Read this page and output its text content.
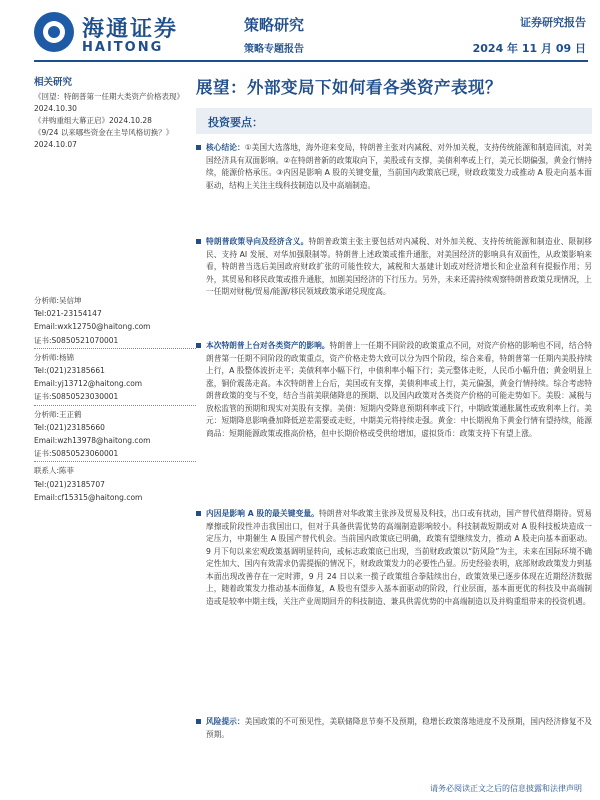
海通证券
HAITONG
策略研究
策略专题报告
证券研究报告
2024 年 11 月 09 日
相关研究

《回望：特朗普第一任期大类资产价格表现》2024.10.30

《并购重组大幕正启》2024.10.28

《9/24 以来哪些资金在主导风格切换？》2024.10.07

分析师:吴信坤
Tel:021-23154147
Email:wxk12750@haitong.com
证书:S0850521070001
分析师:杨锦
Tel:(021)23185661
Email:yj13712@haitong.com
证书:S0850523030001
分析师:王正鹤
Tel:(021)23185660
Email:wzh13978@haitong.com
证书:S0850523060001
联系人:陈菲
Tel:(021)23185707
Email:cf15315@haitong.com
展望：外部变局下如何看各类资产表现？
投资要点：
核心结论：①美国大选落地，海外迎来变局，特朗普主张对内减税、对外加关税，支持传统能源和制造回流，对美国经济具有双面影响。②在特朗普新的政策取向下，美股或有支撑，美债利率或上行，美元长期偏强，黄金行情持续，能源价格承压。③内因是影响 A 股的关键变量，当前国内政策底已现，财政政策发力或推动 A 股走向基本面驱动，结构上关注主线科技制造以及中高端制造。
特朗普政策导向及经济含义。特朗普政策主张主要包括对内减税、对外加关税、支持传统能源和制造业、限制移民、支持 AI 发展、对华加强限制等。特朗普上述政策或推升通胀，对美国经济的影响具有双面性，从政策影响来看，特朗普当选后美国政府财政扩张的可能性较大，减税和大基建计划或对经济增长和企业盈利有提振作用；另外，其贸易和移民政策或推升通胀，加剧美国经济的下行压力。另外，未来还需持续观察特朗普政策兑现情况，上一任期对财税/贸易/能源/移民领域政策承诺兑现度高。
本次特朗普上台对各类资产的影响。特朗普上一任期不同阶段的政策重点不同，对资产价格的影响也不同，结合特朗普第一任期不同阶段的政策重点，资产价格走势大致可以分为四个阶段，综合来看，特朗普第一任期内美股持续上行，A 股整体波折走平；美债利率小幅下行，中债利率小幅下行；美元整体走贬，人民币小幅升值；黄金明显上涨，铜价震荡走高。本次特朗普上台后，美国或有支撑，美债利率或上行，美元偏强，黄金行情持续。综合考虑特朗普政策的变与不变，结合当前美联储降息的预期、以及国内政策对各类资产价格的可能走势如下。美股：减税与放松监管的预期和现实对美股有支撑。美债：短期内受降息预期利率或下行，中期政策通胀属性或致利率上行。美元：短期降息影响叠加降低逆差需要或走贬，中期美元将持续走强。黄金：中长期视角下黄金行情有望持续，能源商品：短期能源政策或推高价格，但中长期价格或受供给增加，虚拟货币：政策支持下有望上涨。
内因是影响 A 股的最关键变量。特朗普对华政策主张涉及贸易及科技，出口或有扰动，国产替代值得期待。贸易摩擦或阶段性冲击我国出口，但对于具备供需优势的高端制造影响较小。科技制裁短期或对 A 股科技板块造成一定压力，中期催生 A 股国产替代机会。当前国内政策底已明确，政策有望继续发力，推动 A 股走向基本面驱动。9 月下旬以来宏观政策基调明显转向，或标志政策底已出现，当前财政政策以“防风险”为主，未来在国际环境不确定性加大、国内有效需求仍需提振的情况下，财政政策发力的必要性凸显。历史经验表明，底部财政政策发力到基本面出现改善存在一定时滞，9 月 24 日以来一揽子政策组合拳陆续出台，政策效果已逐步体现在近期经济数据上，随着政策发力推动基本面修复，A 股也有望步入基本面驱动的阶段，行业层面，基本面更优的科技及中高端制造或是较率中期主线，关注产业周期回升的科技制造、兼具供需优势的中高端制造以及并购重组带来的投资机遇。
风险提示：美国政策的不可预见性，美联储降息节奏不及预期，稳增长政策落地进度不及预期，国内经济修复不及预期。
请务必阅读正文之后的信息披露和法律声明
